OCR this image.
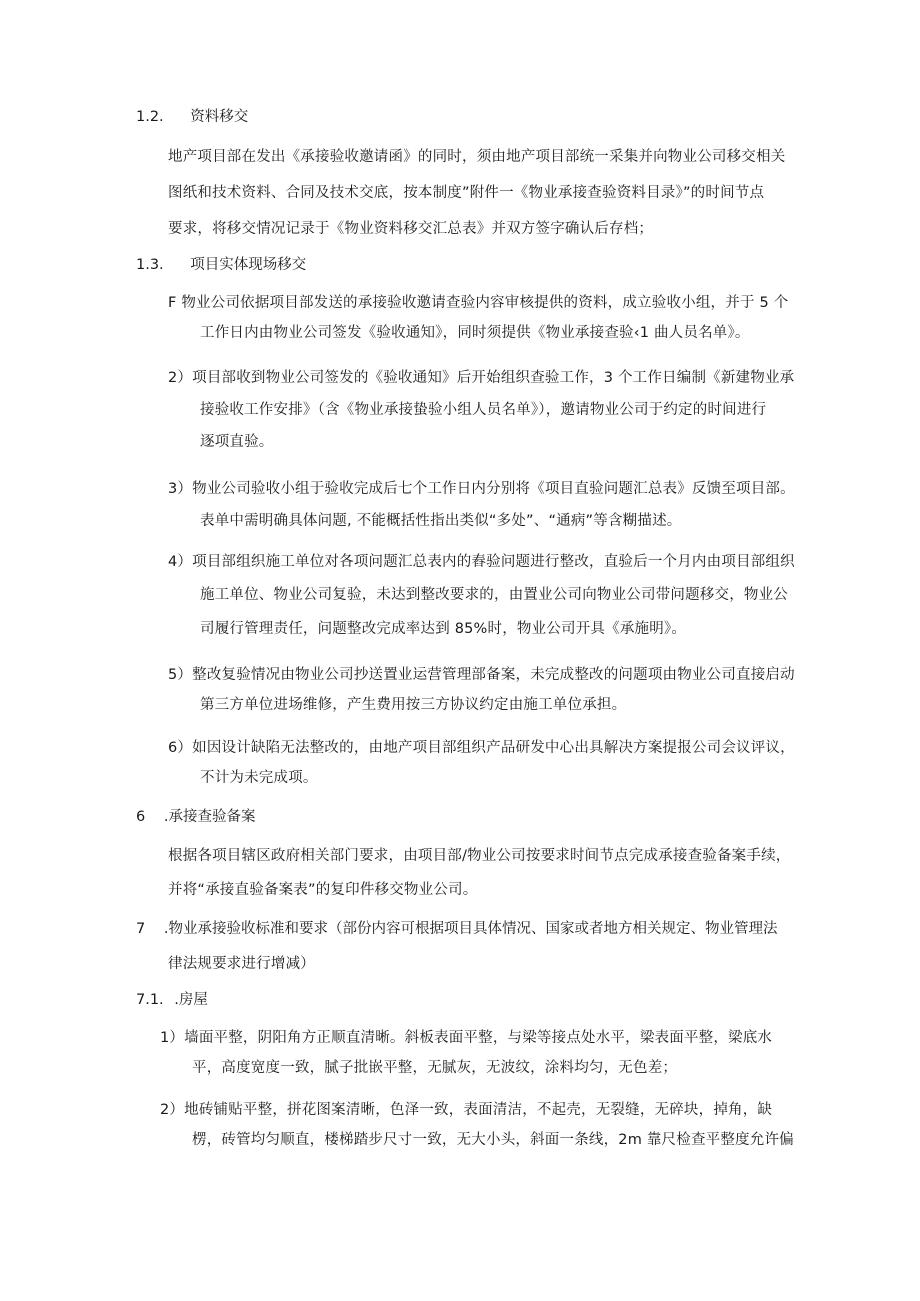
1.2. 资料移交
地产项目部在发出《承接验收邀请函》的同时，须由地产项目部统一采集并向物业公司移交相关
图纸和技术资料、合同及技术交底，按本制度”附件一《物业承接查验资料目录》”的时间节点
要求，将移交情况记录于《物业资料移交汇总表》并双方签字确认后存档；
1.3. 项目实体现场移交
F 物业公司依据项目部发送的承接验收邀请查验内容审核提供的资料，成立验收小组，并于 5 个
工作日内由物业公司签发《验收通知》，同时须提供《物业承接查验‹1 曲人员名单》。
2）项目部收到物业公司签发的《验收通知》后开始组织查验工作，3 个工作日编制《新建物业承
接验收工作安排》（含《物业承接蛰验小组人员名单》），邀请物业公司于约定的时间进行
逐项直验。
3）物业公司验收小组于验收完成后七个工作日内分别将《项目直验问题汇总表》反馈至项目部。
表单中需明确具体问题, 不能概括性指出类似“多处”、“通病”等含糊描述。
4）项目部组织施工单位对各项问题汇总表内的舂验问题进行整改，直验后一个月内由项目部组织
施工单位、物业公司复验，未达到整改要求的，由置业公司向物业公司带问题移交，物业公
司履行管理责任，问题整改完成率达到 85%时，物业公司开具《承施明》。
5）整改复验情况由物业公司抄送置业运营管理部备案，未完成整改的问题项由物业公司直接启动
第三方单位进场维修，产生费用按三方协议约定由施工单位承担。
6）如因设计缺陷无法整改的，由地产项目部组织产品研发中心出具解决方案提报公司会议评议，
不计为未完成项。
6 .承接查验备案
根据各项目辖区政府相关部门要求，由项目部/物业公司按要求时间节点完成承接查验备案手续，
并将“承接直验备案表”的复印件移交物业公司。
7 .物业承接验收标准和要求（部份内容可根据项目具体情况、国家或者地方相关规定、物业管理法
律法规要求进行增减）
7.1. .房屋
1）墙面平整，阴阳角方正顺直清晰。斜板表面平整，与梁等接点处水平，梁表面平整，梁底水
平，高度宽度一致，腻子批嵌平整，无腻灰，无波纹，涂料均匀，无色差；
2）地砖铺贴平整，拼花图案清晰，色泽一致，表面清洁，不起壳，无裂缝，无碎块，掉角，缺
楞，砖管均匀顺直，楼梯踏步尺寸一致，无大小头，斜面一条线，2m 靠尺检查平整度允许偏
